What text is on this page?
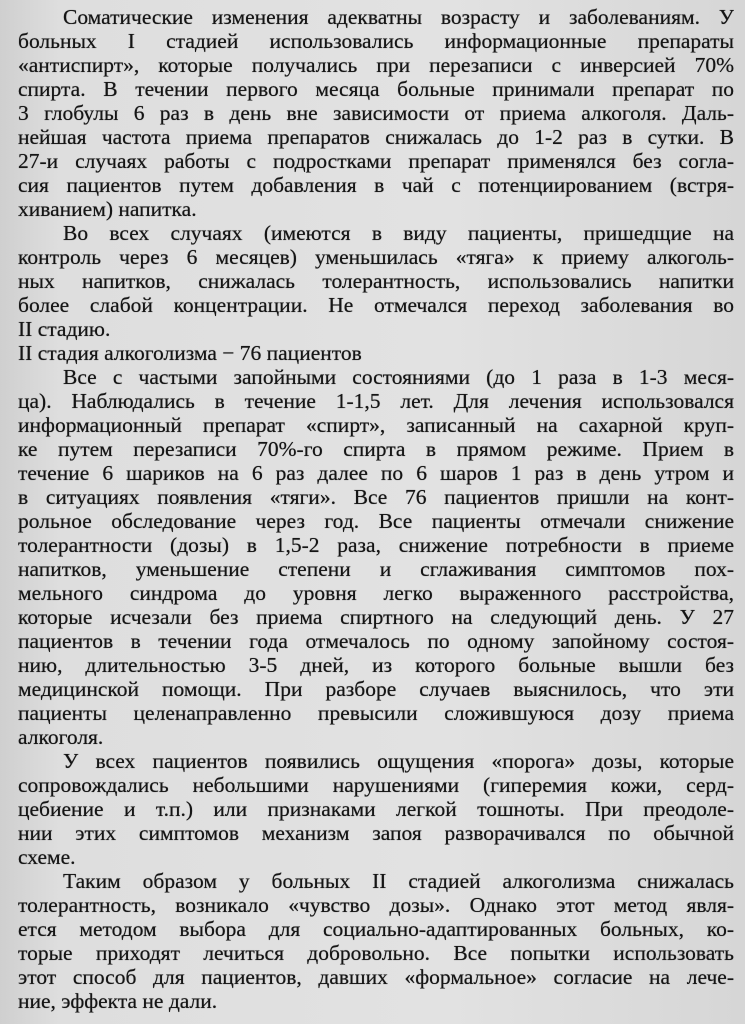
Соматические изменения адекватны возрасту и заболеваниям. У
больных I стадией использовались информационные препараты
«антиспирт», которые получались при перезаписи с инверсией 70%
спирта. В течении первого месяца больные принимали препарат по
3 глобулы 6 раз в день вне зависимости от приема алкоголя. Даль-
нейшая частота приема препаратов снижалась до 1-2 раз в сутки. В
27-и случаях работы с подростками препарат применялся без согла-
сия пациентов путем добавления в чай с потенциированием (встря-
хиванием) напитка.
Во всех случаях (имеются в виду пациенты, пришедщие на
контроль через 6 месяцев) уменьшилась «тяга» к приему алкоголь-
ных напитков, снижалась толерантность, использовались напитки
более слабой концентрации. Не отмечался переход заболевания во
II стадию.
II стадия алкоголизма − 76 пациентов
Все с частыми запойными состояниями (до 1 раза в 1-3 меся-
ца). Наблюдались в течение 1-1,5 лет. Для лечения использовался
информационный препарат «спирт», записанный на сахарной круп-
ке путем перезаписи 70%-го спирта в прямом режиме. Прием в
течение 6 шариков на 6 раз далее по 6 шаров 1 раз в день утром и
в ситуациях появления «тяги». Все 76 пациентов пришли на конт-
рольное обследование через год. Все пациенты отмечали снижение
толерантности (дозы) в 1,5-2 раза, снижение потребности в приеме
напитков, уменьшение степени и сглаживания симптомов пох-
мельного синдрома до уровня легко выраженного расстройства,
которые исчезали без приема спиртного на следующий день. У 27
пациентов в течении года отмечалось по одному запойному состоя-
нию, длительностью 3-5 дней, из которого больные вышли без
медицинской помощи. При разборе случаев выяснилось, что эти
пациенты целенаправленно превысили сложившуюся дозу приема
алкоголя.
У всех пациентов появились ощущения «порога» дозы, которые
сопровождались небольшими нарушениями (гиперемия кожи, серд-
цебиение и т.п.) или признаками легкой тошноты. При преодоле-
нии этих симптомов механизм запоя разворачивался по обычной
схеме.
Таким образом у больных II стадией алкоголизма снижалась
толерантность, возникало «чувство дозы». Однако этот метод явля-
ется методом выбора для социально-адаптированных больных, ко-
торые приходят лечиться добровольно. Все попытки использовать
этот способ для пациентов, давших «формальное» согласие на лече-
ние, эффекта не дали.
